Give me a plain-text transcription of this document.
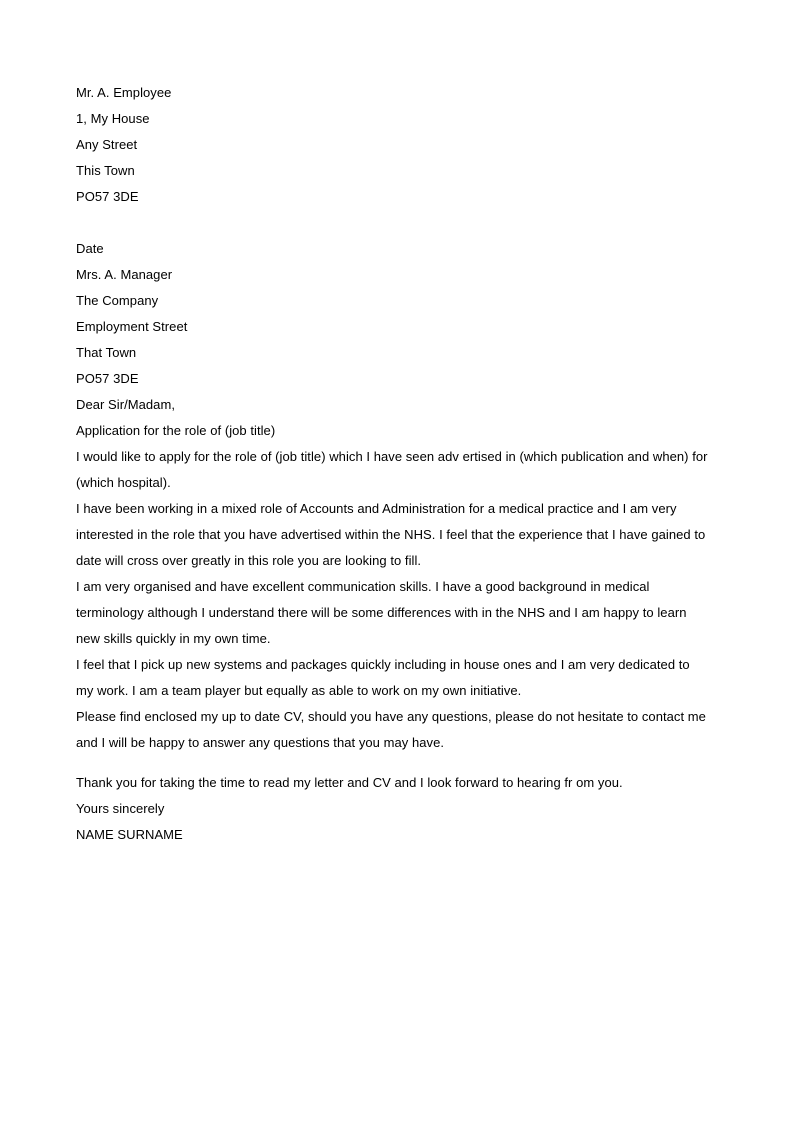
Mr. A. Employee
1, My House
Any Street
This Town
PO57 3DE
Date
Mrs. A. Manager
The Company
Employment Street
That Town
PO57 3DE
Dear Sir/Madam,
Application for the role of (job title)
I would like to apply for the role of (job title) which I have seen adv ertised in (which publication and when) for
(which hospital).
I have been working in a mixed role of Accounts and Administration for a medical practice and I am very
interested in the role that you have advertised within the NHS. I feel that the experience that I have gained to
date will cross over greatly in this role you are looking to fill.
I am very organised and have excellent communication skills. I have a good background in medical
terminology although I understand there will be some differences with in the NHS and I am happy to learn
new skills quickly in my own time.
I feel that I pick up new systems and packages quickly including in house ones and I am very dedicated to
my work. I am a team player but equally as able to work on my own initiative.
Please find enclosed my up to date CV, should you have any questions, please do not hesitate to contact me
and I will be happy to answer any questions that you may have.
Thank you for taking the time to read my letter and CV and I look forward to hearing fr om you.
Yours sincerely
NAME SURNAME
